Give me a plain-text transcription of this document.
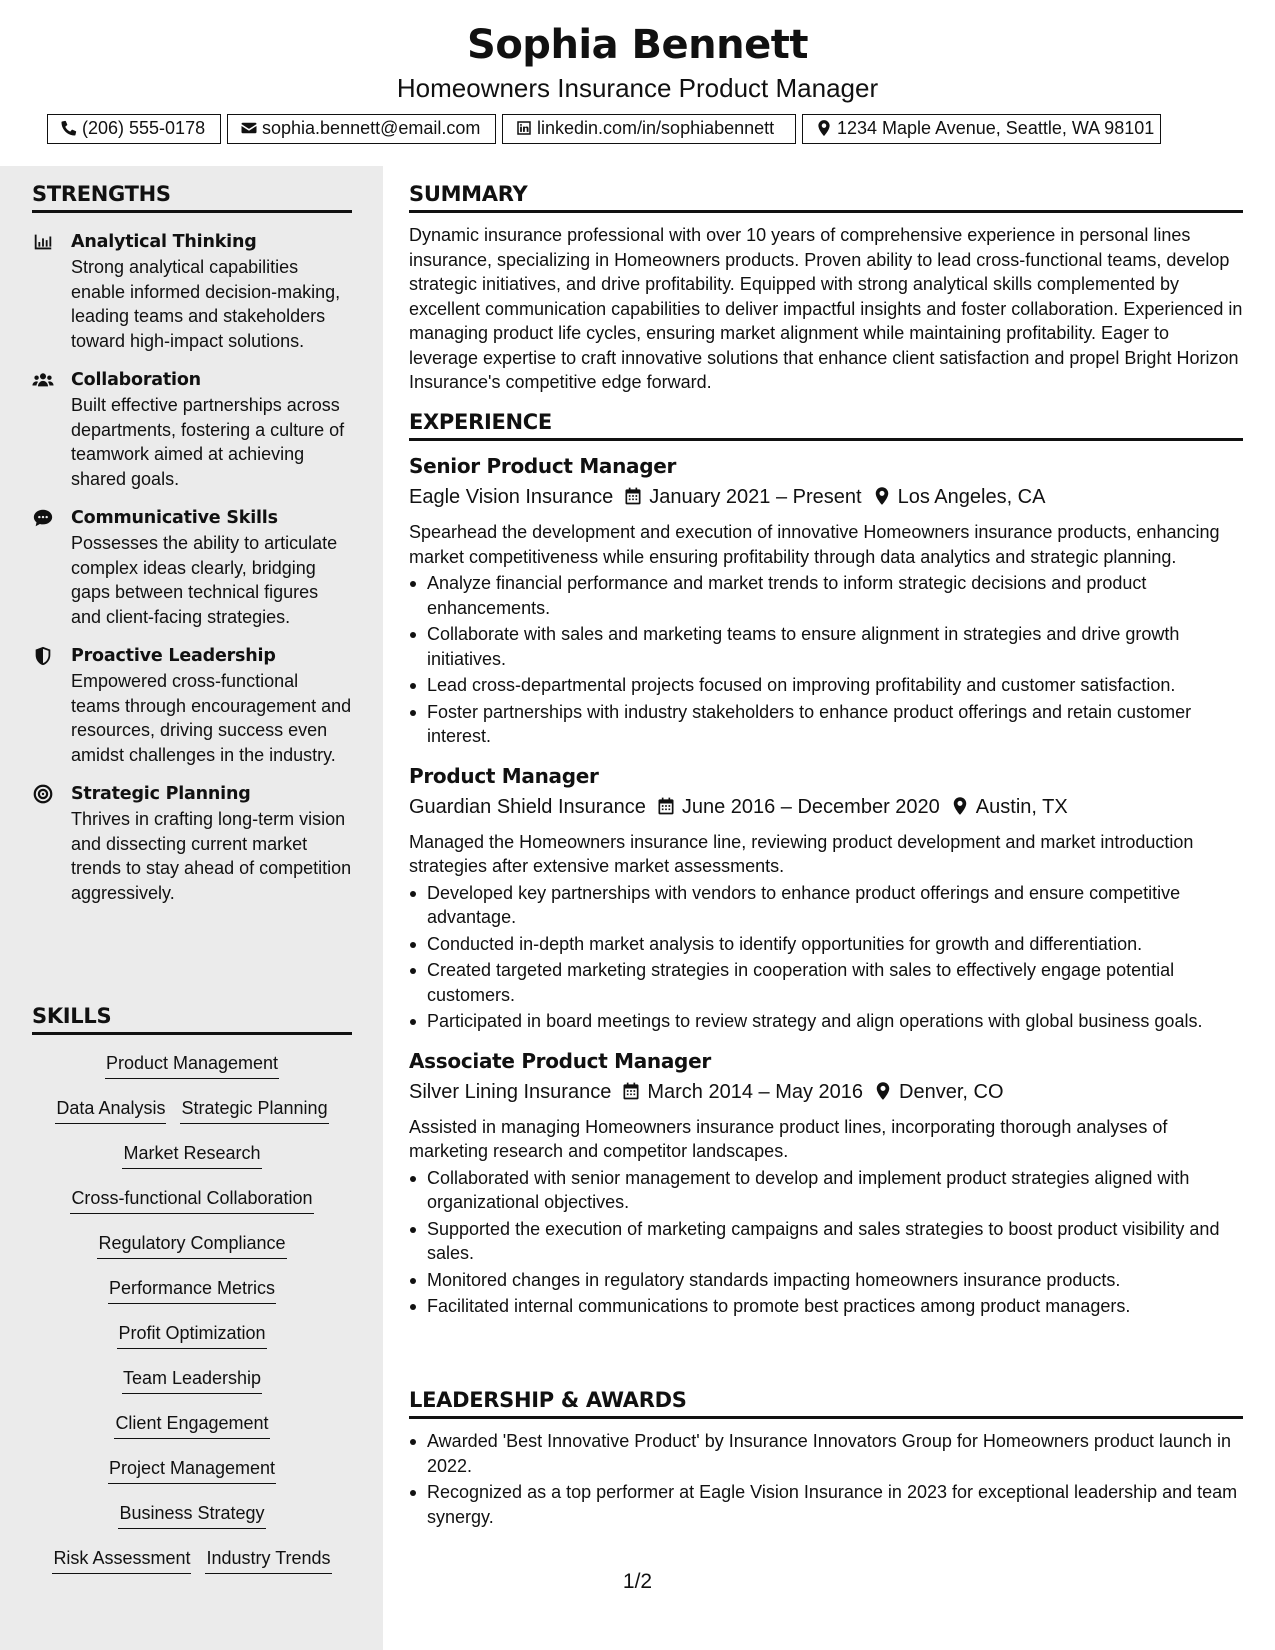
Sophia Bennett
Homeowners Insurance Product Manager
(206) 555-0178	sophia.bennett@email.com	linkedin.com/in/sophiabennett	1234 Maple Avenue, Seattle, WA 98101
STRENGTHS
Analytical Thinking
Strong analytical capabilities enable informed decision-making, leading teams and stakeholders toward high-impact solutions.
Collaboration
Built effective partnerships across departments, fostering a culture of teamwork aimed at achieving shared goals.
Communicative Skills
Possesses the ability to articulate complex ideas clearly, bridging gaps between technical figures and client-facing strategies.
Proactive Leadership
Empowered cross-functional teams through encouragement and resources, driving success even amidst challenges in the industry.
Strategic Planning
Thrives in crafting long-term vision and dissecting current market trends to stay ahead of competition aggressively.
SKILLS
Product Management
Data Analysis Strategic Planning
Market Research
Cross-functional Collaboration
Regulatory Compliance
Performance Metrics
Profit Optimization
Team Leadership
Client Engagement
Project Management
Business Strategy
Risk Assessment Industry Trends
SUMMARY
Dynamic insurance professional with over 10 years of comprehensive experience in personal lines insurance, specializing in Homeowners products. Proven ability to lead cross-functional teams, develop strategic initiatives, and drive profitability. Equipped with strong analytical skills complemented by excellent communication capabilities to deliver impactful insights and foster collaboration. Experienced in managing product life cycles, ensuring market alignment while maintaining profitability. Eager to leverage expertise to craft innovative solutions that enhance client satisfaction and propel Bright Horizon Insurance's competitive edge forward.
EXPERIENCE
Senior Product Manager
Eagle Vision Insurance January 2021 – Present Los Angeles, CA
Spearhead the development and execution of innovative Homeowners insurance products, enhancing market competitiveness while ensuring profitability through data analytics and strategic planning.
Analyze financial performance and market trends to inform strategic decisions and product enhancements.
Collaborate with sales and marketing teams to ensure alignment in strategies and drive growth initiatives.
Lead cross-departmental projects focused on improving profitability and customer satisfaction.
Foster partnerships with industry stakeholders to enhance product offerings and retain customer interest.
Product Manager
Guardian Shield Insurance June 2016 – December 2020 Austin, TX
Managed the Homeowners insurance line, reviewing product development and market introduction strategies after extensive market assessments.
Developed key partnerships with vendors to enhance product offerings and ensure competitive advantage.
Conducted in-depth market analysis to identify opportunities for growth and differentiation.
Created targeted marketing strategies in cooperation with sales to effectively engage potential customers.
Participated in board meetings to review strategy and align operations with global business goals.
Associate Product Manager
Silver Lining Insurance March 2014 – May 2016 Denver, CO
Assisted in managing Homeowners insurance product lines, incorporating thorough analyses of marketing research and competitor landscapes.
Collaborated with senior management to develop and implement product strategies aligned with organizational objectives.
Supported the execution of marketing campaigns and sales strategies to boost product visibility and sales.
Monitored changes in regulatory standards impacting homeowners insurance products.
Facilitated internal communications to promote best practices among product managers.
LEADERSHIP & AWARDS
Awarded 'Best Innovative Product' by Insurance Innovators Group for Homeowners product launch in 2022.
Recognized as a top performer at Eagle Vision Insurance in 2023 for exceptional leadership and team synergy.
1/2
